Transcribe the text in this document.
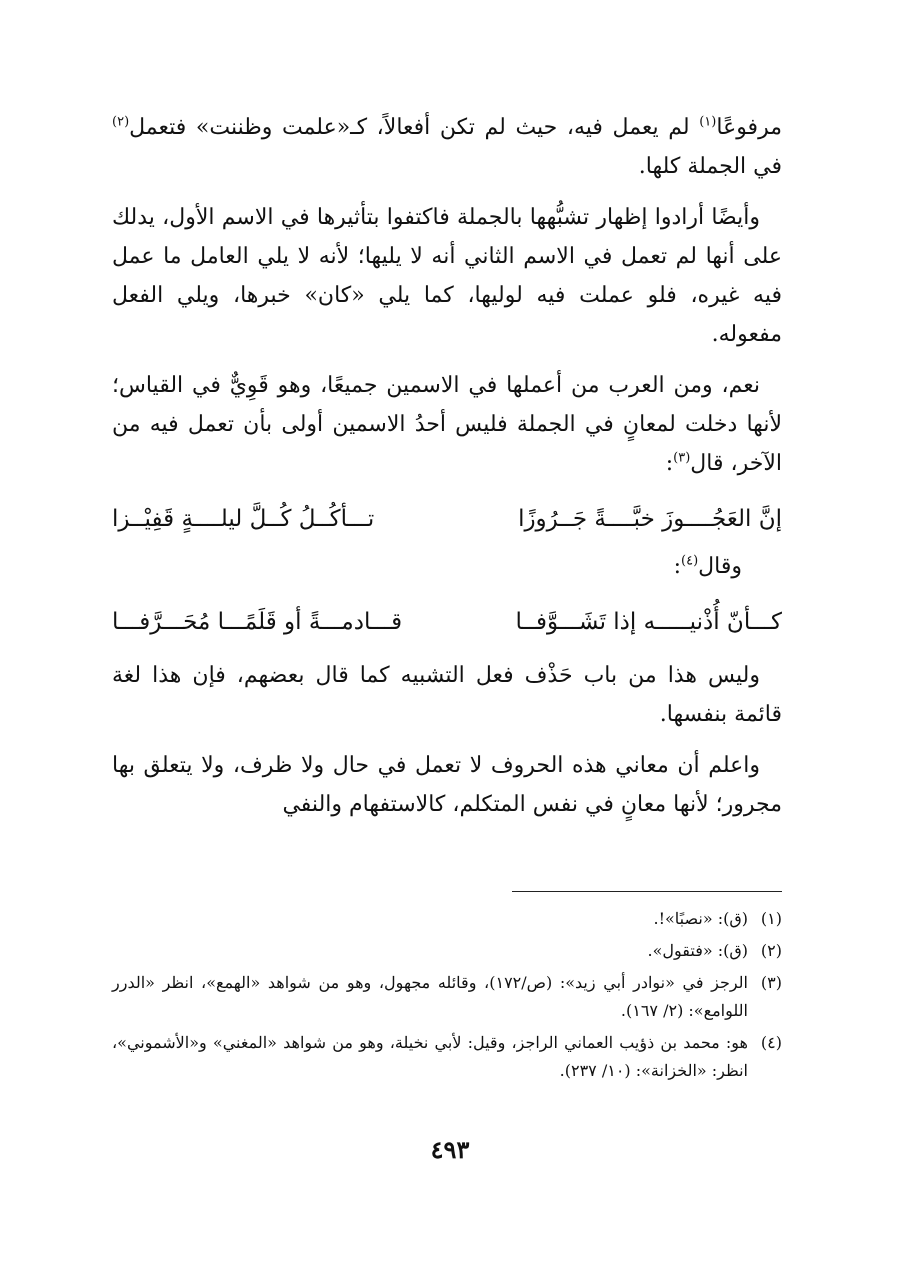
مرفوعًا$^{(١)}$ لم يعمل فيه، حيث لم تكن أفعالاً، كـ«علمت وظننت» فتعمل$^{(٢)}$ في الجملة كلها.

وأيضًا أرادوا إظهار تشبُّهها بالجملة فاكتفوا بتأثيرها في الاسم الأول، يدلك على أنها لم تعمل في الاسم الثاني أنه لا يليها؛ لأنه لا يلي العامل ما عمل فيه غيره، فلو عملت فيه لوليها، كما يلي «كان» خبرها، ويلي الفعل مفعوله.

نعم، ومن العرب من أعملها في الاسمين جميعًا، وهو قَوِيٌّ في القياس؛ لأنها دخلت لمعانٍ في الجملة فليس أحدُ الاسمين أولى بأن تعمل فيه من الآخر، قال$^{(٣)}$:

إنَّ العَجُــــوزَ خبَّــــةً جَــرُوزًا
تـــأكُــلُ كُــلَّ ليلــــةٍ قَفِيْــزا

وقال$^{(٤)}$:

كـــأنّ أُذْنيـــــه إذا تَشَـــوَّفــا
قـــادمـــةً أو قَلَمًـــا مُحَـــرَّفـــا

وليس هذا من باب حَذْف فعل التشبيه كما قال بعضهم، فإن هذا لغة قائمة بنفسها.

واعلم أن معاني هذه الحروف لا تعمل في حال ولا ظرف، ولا يتعلق بها مجرور؛ لأنها معانٍ في نفس المتكلم، كالاستفهام والنفي

(١)
(ق): «نصبًا»!.
(٢)
(ق): «فتقول».
(٣)
الرجز في «نوادر أبي زيد»: (ص/١٧٢)، وقائله مجهول، وهو من شواهد «الهمع»، انظر «الدرر اللوامع»: (٢/ ١٦٧).
(٤)
هو: محمد بن ذؤيب العماني الراجز، وقيل: لأبي نخيلة، وهو من شواهد «المغني» و«الأشموني»، انظر: «الخزانة»: (١٠/ ٢٣٧).
٤٩٣
